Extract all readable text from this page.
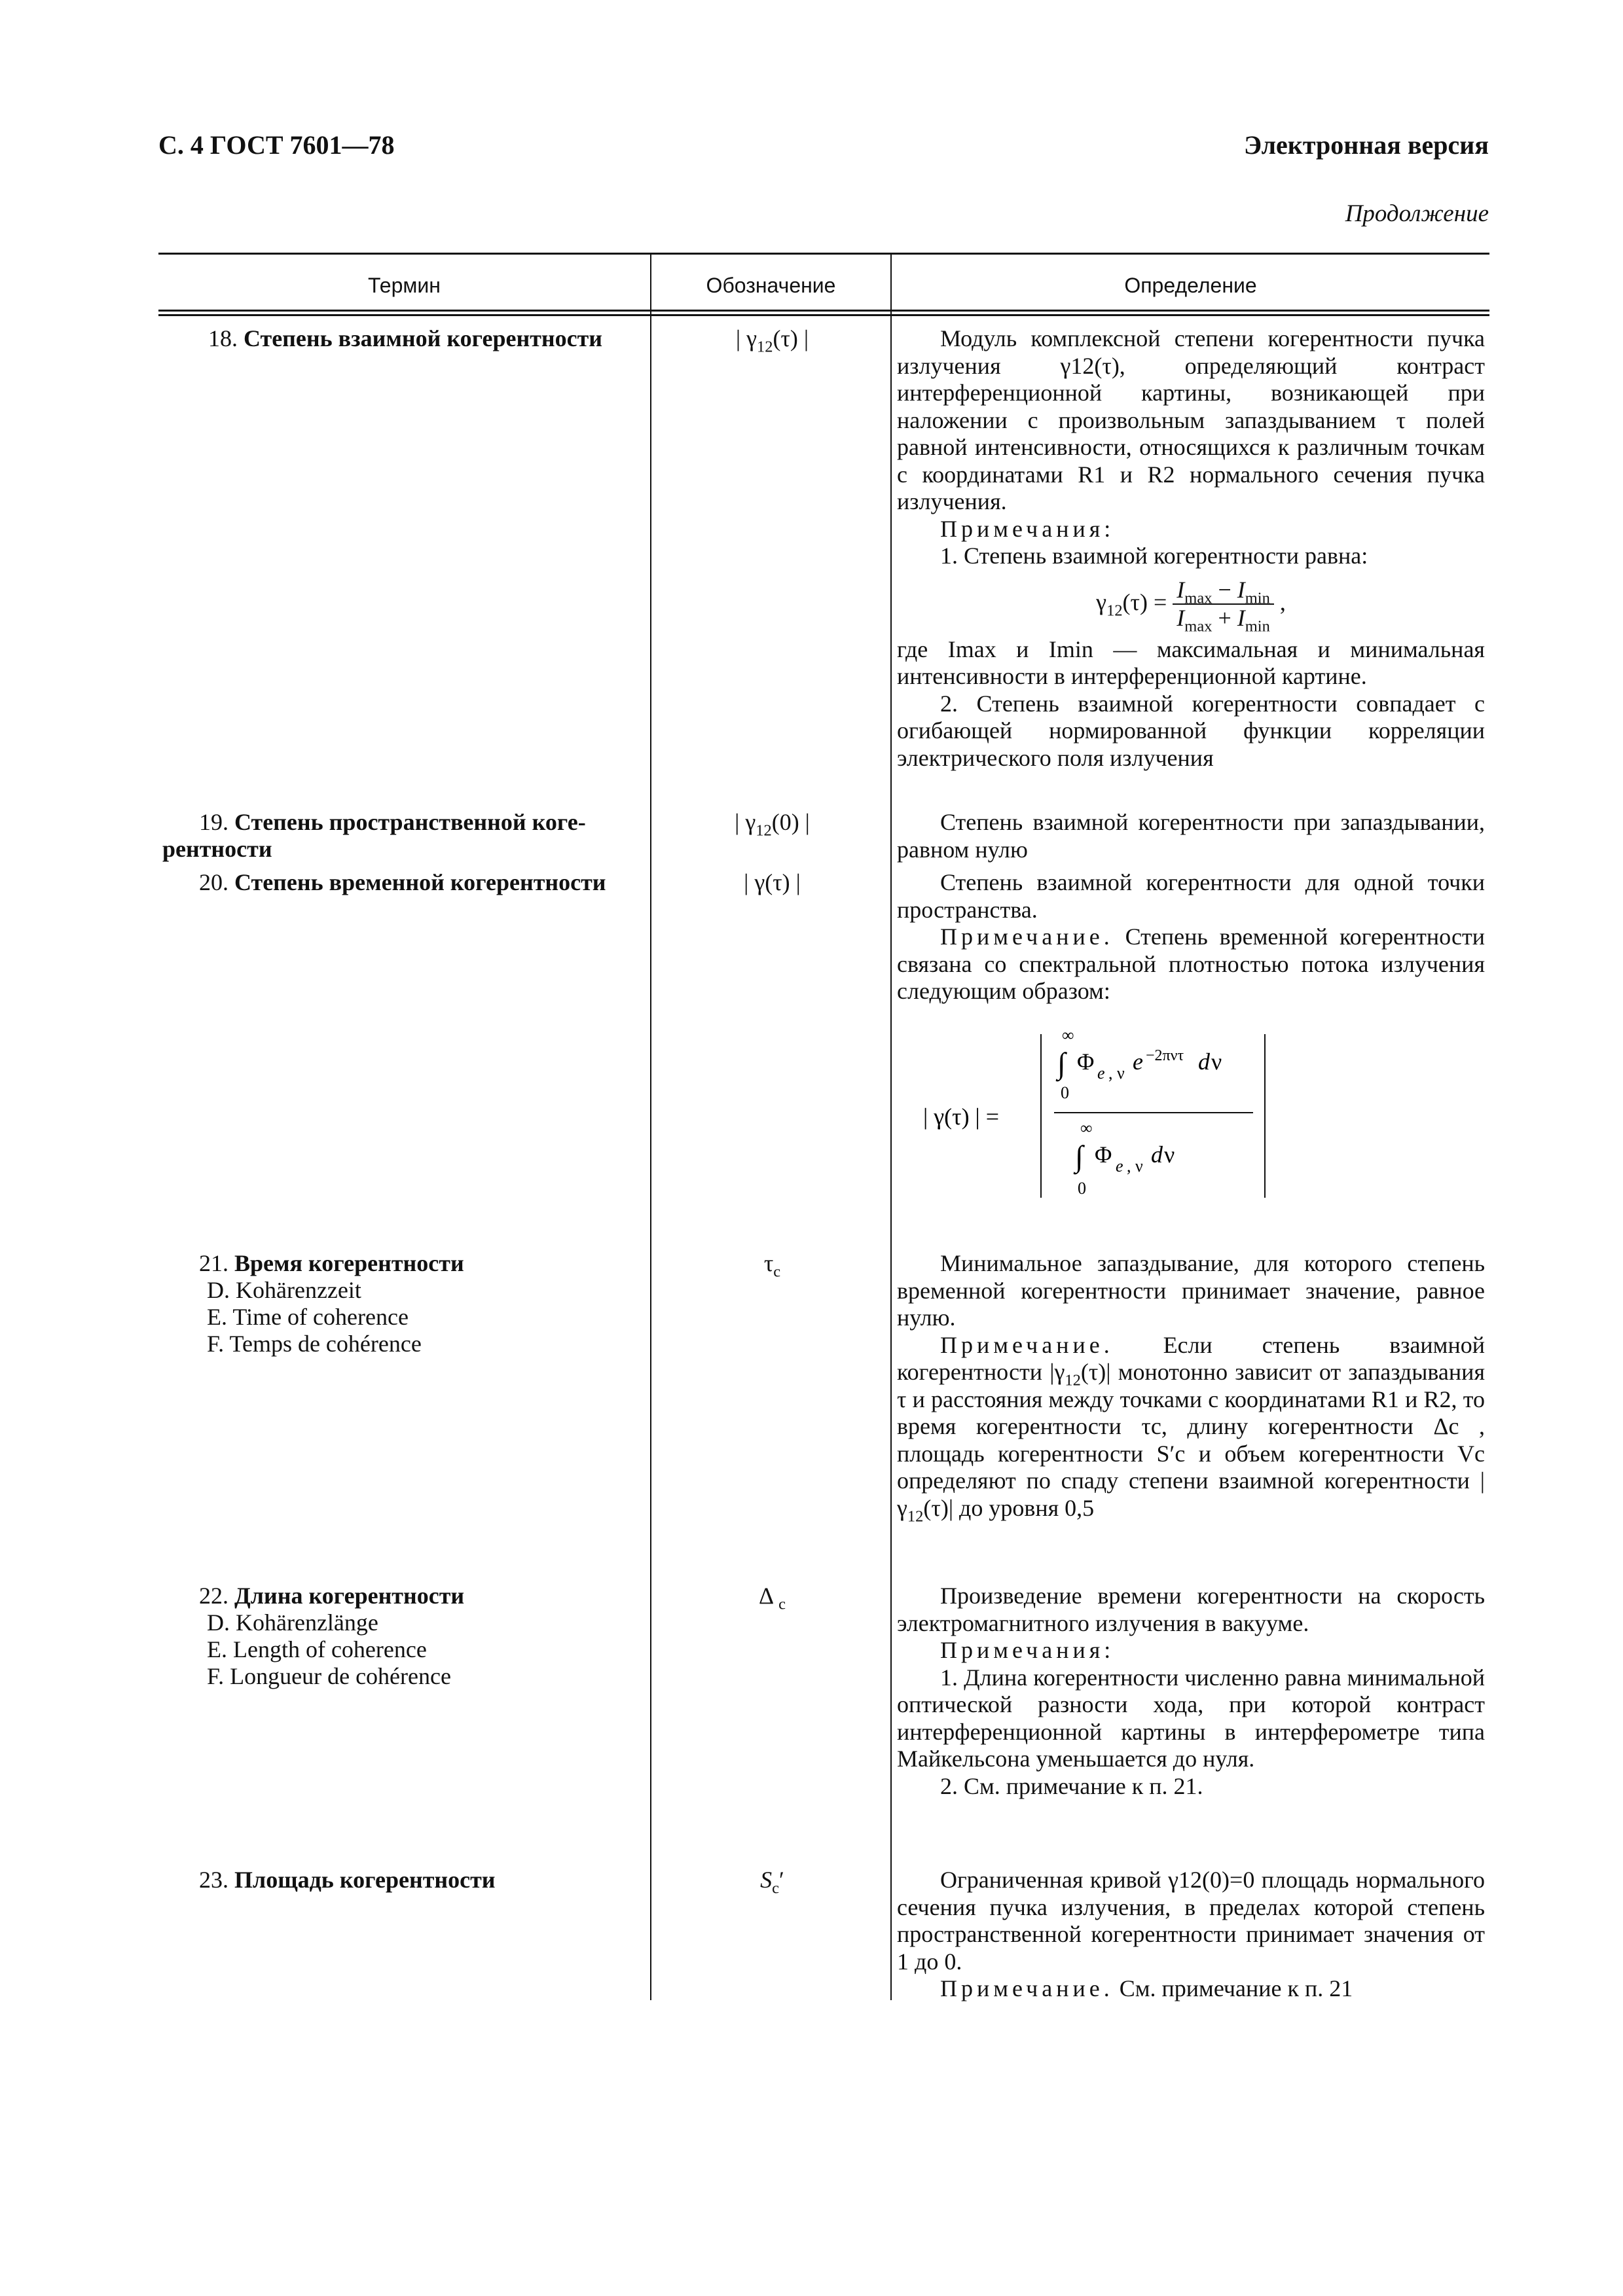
С. 4 ГОСТ 7601—78	Электронная версия
Продолжение
Термин	Обозначение	Определение
18. Степень взаимной когерентности	| $\gamma_{12}(\tau)$ |	Модуль комплексной степени когерентности пучка излучения γ12(τ), определяющий контраст интерференционной картины, возникающей при наложении с произвольным запаздыванием τ полей равной интенсивности, относящихся к различным точкам с координатами R1 и R2 нормального сечения пучка излучения.

Примечания:

1. Степень взаимной когерентности равна:

$\gamma_{12}(\tau) = \frac{I_{max} - I_{min}}{I_{max} + I_{min}}$ ,

где Imax и Imin — максимальная и минимальная интенсивности в интерференционной картине.

2. Степень взаимной когерентности совпадает с огибающей нормированной функции корреляции электрического поля излучения

19. Степень пространственной коге-
рентности
| $\gamma_{12}(0)$ |	Степень взаимной когерентности при запаздывании, равном нулю

20. Степень временной когерентности	| γ(τ) |	Степень взаимной когерентности для одной точки пространства.

Примечание. Степень временной когерентности связана со спектральной плотностью потока излучения следующим образом:

| γ(τ) | =
∞
∫ Φ e , ν e −2πντ d ν
0
∞
∫ Φ e , ν d ν
0
21. Время когерентности
D. Kohärenzzeit
E. Time of coherence
F. Temps de cohérence
$\tau_c$	Минимальное запаздывание, для которого степень временной когерентности принимает значение, равное нулю.

Примечание. Если степень взаимной когерентности $|\gamma_{12}(\tau)|$ монотонно зависит от запаздывания τ и расстояния между точками с координатами R1 и R2, то время когерентности τc, длину когерентности Δc , площадь когерентности S′c и объем когерентности Vc определяют по спаду степени взаимной когерентности $|\gamma_{12}(\tau)|$ до уровня 0,5

22. Длина когерентности
D. Kohärenzlänge
E. Length of coherence
F. Longueur de cohérence
Δ $_c$	Произведение времени когерентности на скорость электромагнитного излучения в вакууме.

Примечания:

1. Длина когерентности численно равна минимальной оптической разности хода, при которой контраст интерференционной картины в интерферометре типа Майкельсона уменьшается до нуля.

2. См. примечание к п. 21.

23. Площадь когерентности	$S_c'$	Ограниченная кривой γ12(0)=0 площадь нормального сечения пучка излучения, в пределах которой степень пространственной когерентности принимает значения от 1 до 0.

Примечание. См. примечание к п. 21
